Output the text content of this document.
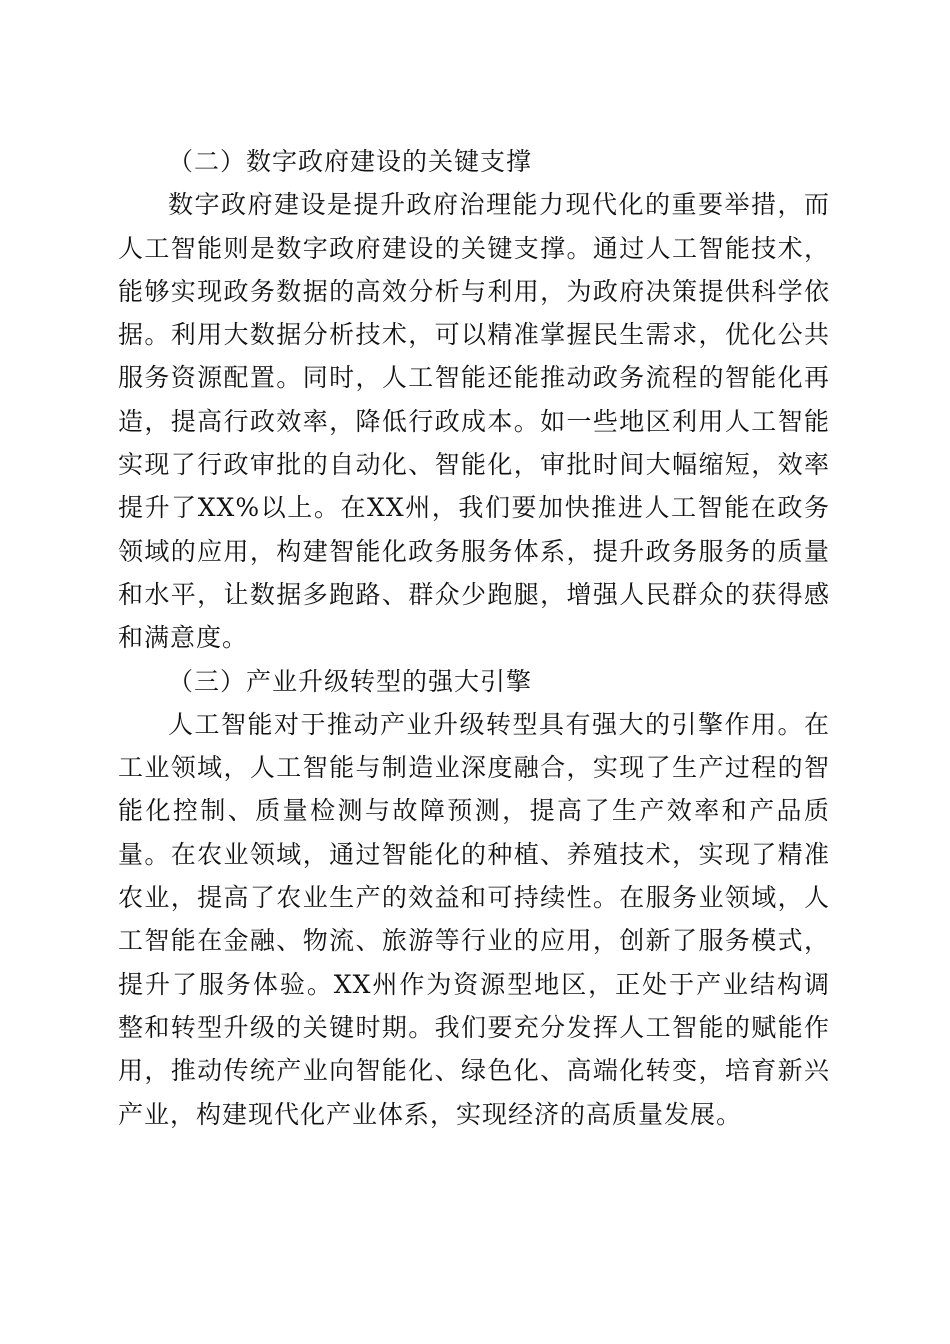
（二）数字政府建设的关键支撑

数字政府建设是提升政府治理能力现代化的重要举措，而人工智能则是数字政府建设的关键支撑。通过人工智能技术，能够实现政务数据的高效分析与利用，为政府决策提供科学依据。利用大数据分析技术，可以精准掌握民生需求，优化公共服务资源配置。同时，人工智能还能推动政务流程的智能化再造，提高行政效率，降低行政成本。如一些地区利用人工智能实现了行政审批的自动化、智能化，审批时间大幅缩短，效率提升了XX%以上。在XX州，我们要加快推进人工智能在政务领域的应用，构建智能化政务服务体系，提升政务服务的质量和水平，让数据多跑路、群众少跑腿，增强人民群众的获得感和满意度。

（三）产业升级转型的强大引擎

人工智能对于推动产业升级转型具有强大的引擎作用。在工业领域，人工智能与制造业深度融合，实现了生产过程的智能化控制、质量检测与故障预测，提高了生产效率和产品质量。在农业领域，通过智能化的种植、养殖技术，实现了精准农业，提高了农业生产的效益和可持续性。在服务业领域，人工智能在金融、物流、旅游等行业的应用，创新了服务模式，提升了服务体验。XX州作为资源型地区，正处于产业结构调整和转型升级的关键时期。我们要充分发挥人工智能的赋能作用，推动传统产业向智能化、绿色化、高端化转变，培育新兴产业，构建现代化产业体系，实现经济的高质量发展。
